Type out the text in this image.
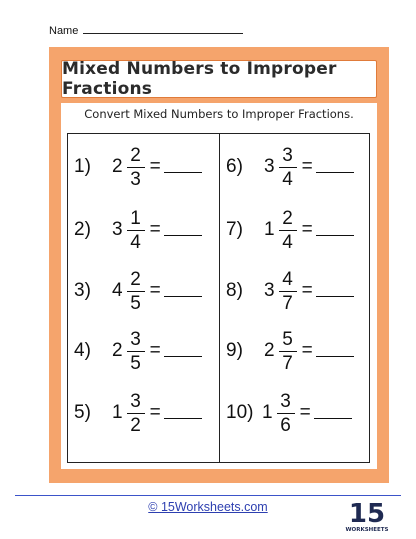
Name
Mixed Numbers to Improper Fractions
Convert Mixed Numbers to Improper Fractions.
1)	$2 \frac{2}{3}$ =
2)	$3 \frac{1}{4}$ =
3)	$4 \frac{2}{5}$ =
4)	$2 \frac{3}{5}$ =
5)	$1 \frac{3}{2}$ =
6)	$3 \frac{3}{4}$ =
7)	$1 \frac{2}{4}$ =
8)	$3 \frac{4}{7}$ =
9)	$2 \frac{5}{7}$ =
10) $1 \frac{3}{6}$ =
© 15Worksheets.com	15
WORKSHEETS
